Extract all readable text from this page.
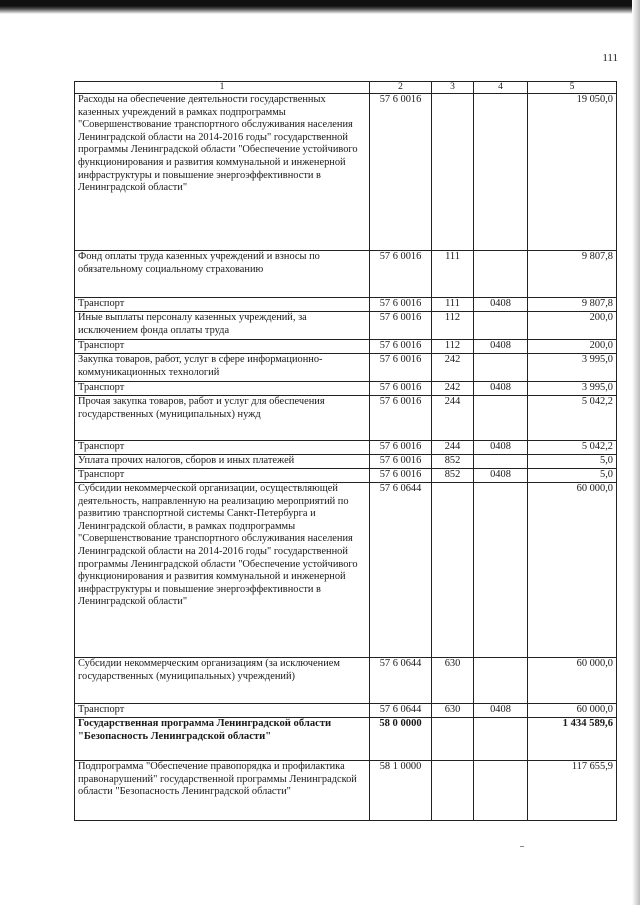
111
1	2	3	4	5
Расходы на обеспечение деятельности государственных казенных учреждений в рамках подпрограммы "Совершенствование транспортного обслуживания населения Ленинградской области на 2014-2016 годы" государственной программы Ленинградской области "Обеспечение устойчивого функционирования и развития коммунальной и инженерной инфраструктуры и повышение энергоэффективности в Ленинградской области"	57 6 0016			19 050,0
Фонд оплаты труда казенных учреждений и взносы по обязательному социальному страхованию	57 6 0016	111		9 807,8
Транспорт	57 6 0016	111	0408	9 807,8
Иные выплаты персоналу казенных учреждений, за исключением фонда оплаты труда	57 6 0016	112		200,0
Транспорт	57 6 0016	112	0408	200,0
Закупка товаров, работ, услуг в сфере информационно-коммуникационных технологий	57 6 0016	242		3 995,0
Транспорт	57 6 0016	242	0408	3 995,0
Прочая закупка товаров, работ и услуг для обеспечения государственных (муниципальных) нужд	57 6 0016	244		5 042,2
Транспорт	57 6 0016	244	0408	5 042,2
Уплата прочих налогов, сборов и иных платежей	57 6 0016	852		5,0
Транспорт	57 6 0016	852	0408	5,0
Субсидии некоммерческой организации, осуществляющей деятельность, направленную на реализацию мероприятий по развитию транспортной системы Санкт-Петербурга и Ленинградской области, в рамках подпрограммы "Совершенствование транспортного обслуживания населения Ленинградской области на 2014-2016 годы" государственной программы Ленинградской области "Обеспечение устойчивого функционирования и развития коммунальной и инженерной инфраструктуры и повышение энергоэффективности в Ленинградской области"	57 6 0644			60 000,0
Субсидии некоммерческим организациям (за исключением государственных (муниципальных) учреждений)	57 6 0644	630		60 000,0
Транспорт	57 6 0644	630	0408	60 000,0
Государственная программа Ленинградской области "Безопасность Ленинградской области"	58 0 0000			1 434 589,6
Подпрограмма "Обеспечение правопорядка и профилактика правонарушений" государственной программы Ленинградской области "Безопасность Ленинградской области"	58 1 0000			117 655,9
